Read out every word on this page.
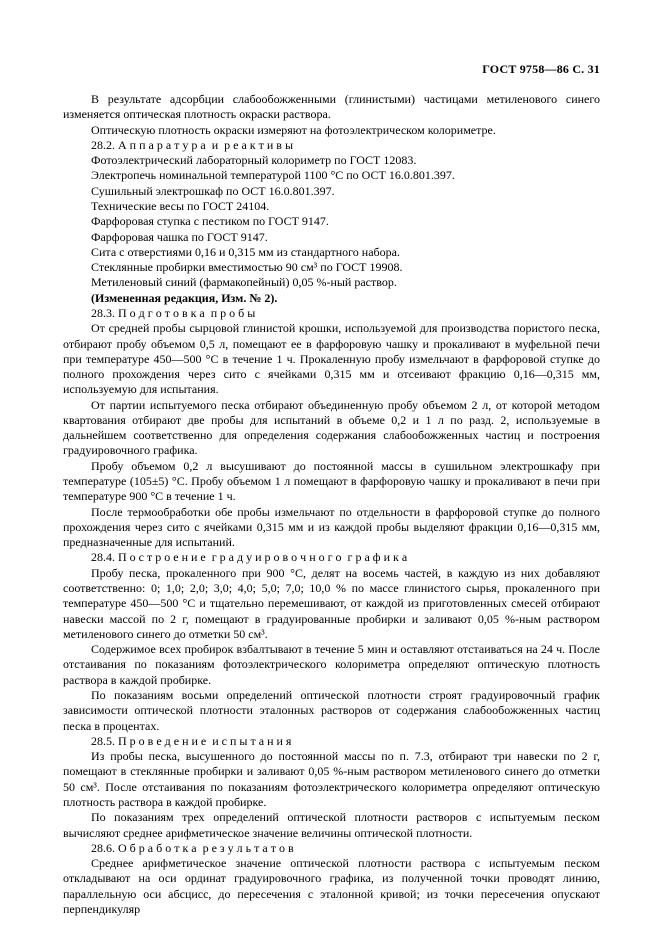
ГОСТ 9758—86 С. 31

В результате адсорбции слабообожженными (глинистыми) частицами метиленового синего изменяется оптическая плотность окраски раствора.

Оптическую плотность окраски измеряют на фотоэлектрическом колориметре.

28.2. А п п а р а т у р а  и  р е а к т и в ы

Фотоэлектрический лабораторный колориметр по ГОСТ 12083.

Электропечь номинальной температурой 1100 °С по ОСТ 16.0.801.397.

Сушильный электрошкаф по ОСТ 16.0.801.397.

Технические весы по ГОСТ 24104.

Фарфоровая ступка с пестиком по ГОСТ 9147.

Фарфоровая чашка по ГОСТ 9147.

Сита с отверстиями 0,16 и 0,315 мм из стандартного набора.

Стеклянные пробирки вместимостью 90 см³ по ГОСТ 19908.

Метиленовый синий (фармакопейный) 0,05 %-ный раствор.

(Измененная редакция, Изм. № 2).

28.3. П о д г о т о в к а  п р о б ы

От средней пробы сырцовой глинистой крошки, используемой для производства пористого песка, отбирают пробу объемом 0,5 л, помещают ее в фарфоровую чашку и прокаливают в муфельной печи при температуре 450—500 °С в течение 1 ч. Прокаленную пробу измельчают в фарфоровой ступке до полного прохождения через сито с ячейками 0,315 мм и отсеивают фракцию 0,16—0,315 мм, используемую для испытания.

От партии испытуемого песка отбирают объединенную пробу объемом 2 л, от которой методом квартования отбирают две пробы для испытаний в объеме 0,2 и 1 л по разд. 2, используемые в дальнейшем соответственно для определения содержания слабообожженных частиц и построения градуировочного графика.

Пробу объемом 0,2 л высушивают до постоянной массы в сушильном электрошкафу при температуре (105±5) °С. Пробу объемом 1 л помещают в фарфоровую чашку и прокаливают в печи при температуре 900 °С в течение 1 ч.

После термообработки обе пробы измельчают по отдельности в фарфоровой ступке до полного прохождения через сито с ячейками 0,315 мм и из каждой пробы выделяют фракции 0,16—0,315 мм, предназначенные для испытаний.

28.4. П о с т р о е н и е  г р а д у и р о в о ч н о г о  г р а ф и к а

Пробу песка, прокаленного при 900 °С, делят на восемь частей, в каждую из них добавляют соответственно: 0; 1,0; 2,0; 3,0; 4,0; 5,0; 7,0; 10,0 % по массе глинистого сырья, прокаленного при температуре 450—500 °С и тщательно перемешивают, от каждой из приготовленных смесей отбирают навески массой по 2 г, помещают в градуированные пробирки и заливают 0,05 %-ным раствором метиленового синего до отметки 50 см³.

Содержимое всех пробирок взбалтывают в течение 5 мин и оставляют отстаиваться на 24 ч. После отстаивания по показаниям фотоэлектрического колориметра определяют оптическую плотность раствора в каждой пробирке.

По показаниям восьми определений оптической плотности строят градуировочный график зависимости оптической плотности эталонных растворов от содержания слабообожженных частиц песка в процентах.

28.5. П р о в е д е н и е  и с п ы т а н и я

Из пробы песка, высушенного до постоянной массы по п. 7.3, отбирают три навески по 2 г, помещают в стеклянные пробирки и заливают 0,05 %-ным раствором метиленового синего до отметки 50 см³. После отстаивания по показаниям фотоэлектрического колориметра определяют оптическую плотность раствора в каждой пробирке.

По показаниям трех определений оптической плотности растворов с испытуемым песком вычисляют среднее арифметическое значение величины оптической плотности.

28.6. О б р а б о т к а  р е з у л ь т а т о в

Среднее арифметическое значение оптической плотности раствора с испытуемым песком откладывают на оси ординат градуировочного графика, из полученной точки проводят линию, параллельную оси абсцисс, до пересечения с эталонной кривой; из точки пересечения опускают перпендикуляр
